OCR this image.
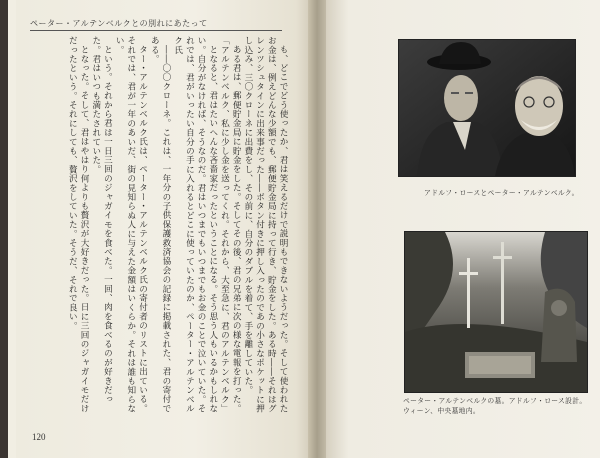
ペーター・アルテンベルクとの別れにあたって

も、どこでどう使ったか、君は笑えるだけで説明もできないようだった。そして使われたお金は、例えどんな少額でも、郵便貯金局に持って行き、貯金をした。ある時――それはグレンツシュタインに出来事だった――ボタン付きに押し入ったのであの小さなポケットに押し込み、三〇クローネに出費をし、その前に、自分のダブルを着て、手を離していた。

ある君は、郵便貯金局に貯金をした。そしてその後、君の兄弟に次の様な電報を打った。「アルテンベルク、私に少し金を送ってくれ。それから、大至急に、君のアルテンベルク」

となると、君はたいへんな吝嗇家だったということになる。そう思う人もいるかもしれない。自分がなければ、そうなのだ。君はいつまでもいつまでもお金のことで泣いていた。それでは、君がいったい自分の手に入れるとどこに使っていたのか、ペーター・アルテンベルク氏

――〇〇クローネ。これは、一年分の子供保護救済協会の記録に掲載された、君の寄付である。

ター・アルテンベルク氏は、ペーター・アルテンベルク氏の寄付者のリストに出ている。それでは、君が一年のあいだ、街の見知らぬ人に与えた金額はいくらか。それは誰も知らない。

という。それから君は一日三回のジャガイモを食べた。一回、肉を食べるのが好きだった。君はいつも満たされていた。

となった。そして、君はやはり何よりも贅沢が大好きだった。日に三回のジャガイモだけだったという。それにしても、贅沢をしていた。そうだ、それで良い。

120
アドルフ・ロースとペーター・アルテンベルク。
ペーター・アルテンベルクの墓。アドルフ・ロース設計。
ウィーン、中央墓地内。
